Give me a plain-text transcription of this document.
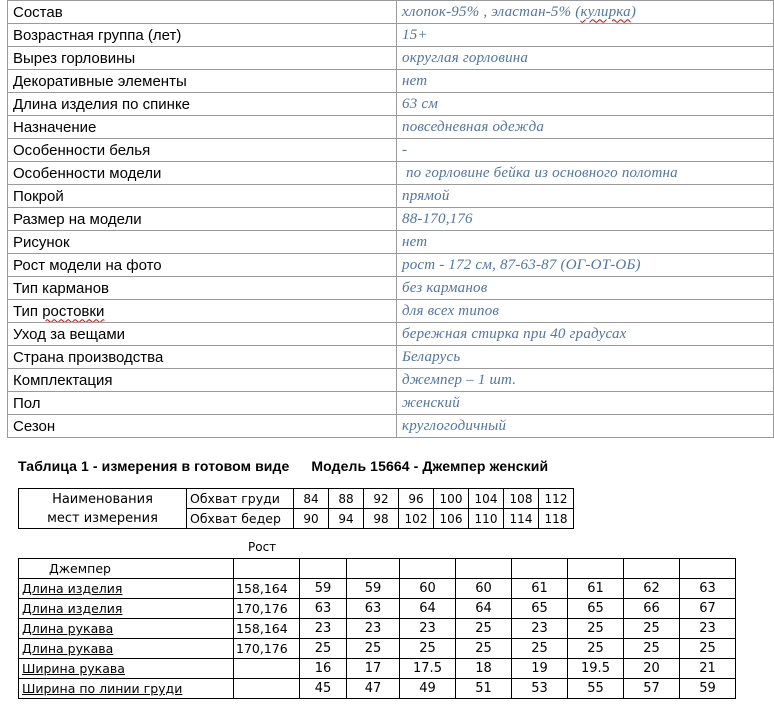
Состав	хлопок-95% , эластан-5% (кулирка)
Возрастная группа (лет)	15+
Вырез горловины	округлая горловина
Декоративные элементы	нет
Длина изделия по спинке	63 см
Назначение	повседневная одежда
Особенности белья	-
Особенности модели	по горловине бейка из основного полотна
Покрой	прямой
Размер на модели	88-170,176
Рисунок	нет
Рост модели на фото	рост - 172 см, 87-63-87 (ОГ-ОТ-ОБ)
Тип карманов	без карманов
Тип ростовки	для всех типов
Уход за вещами	бережная стирка при 40 градусах
Страна производства	Беларусь
Комплектация	джемпер – 1 шт.
Пол	женский
Сезон	круглогодичный
Таблица 1 - измерения в готовом виде Модель 15664 - Джемпер женский
Наименования
мест измерения	Обхват груди	84	88	92	96	100	104	108	112
	Обхват бедер	90	94	98	102	106	110	114	118
Рост
Джемпер									
Длина изделия	158,164	59	59	60	60	61	61	62	63
Длина изделия	170,176	63	63	64	64	65	65	66	67
Длина рукава	158,164	23	23	23	25	23	25	25	23
Длина рукава	170,176	25	25	25	25	25	25	25	25
Ширина рукава		16	17	17.5	18	19	19.5	20	21
Ширина по линии груди		45	47	49	51	53	55	57	59
